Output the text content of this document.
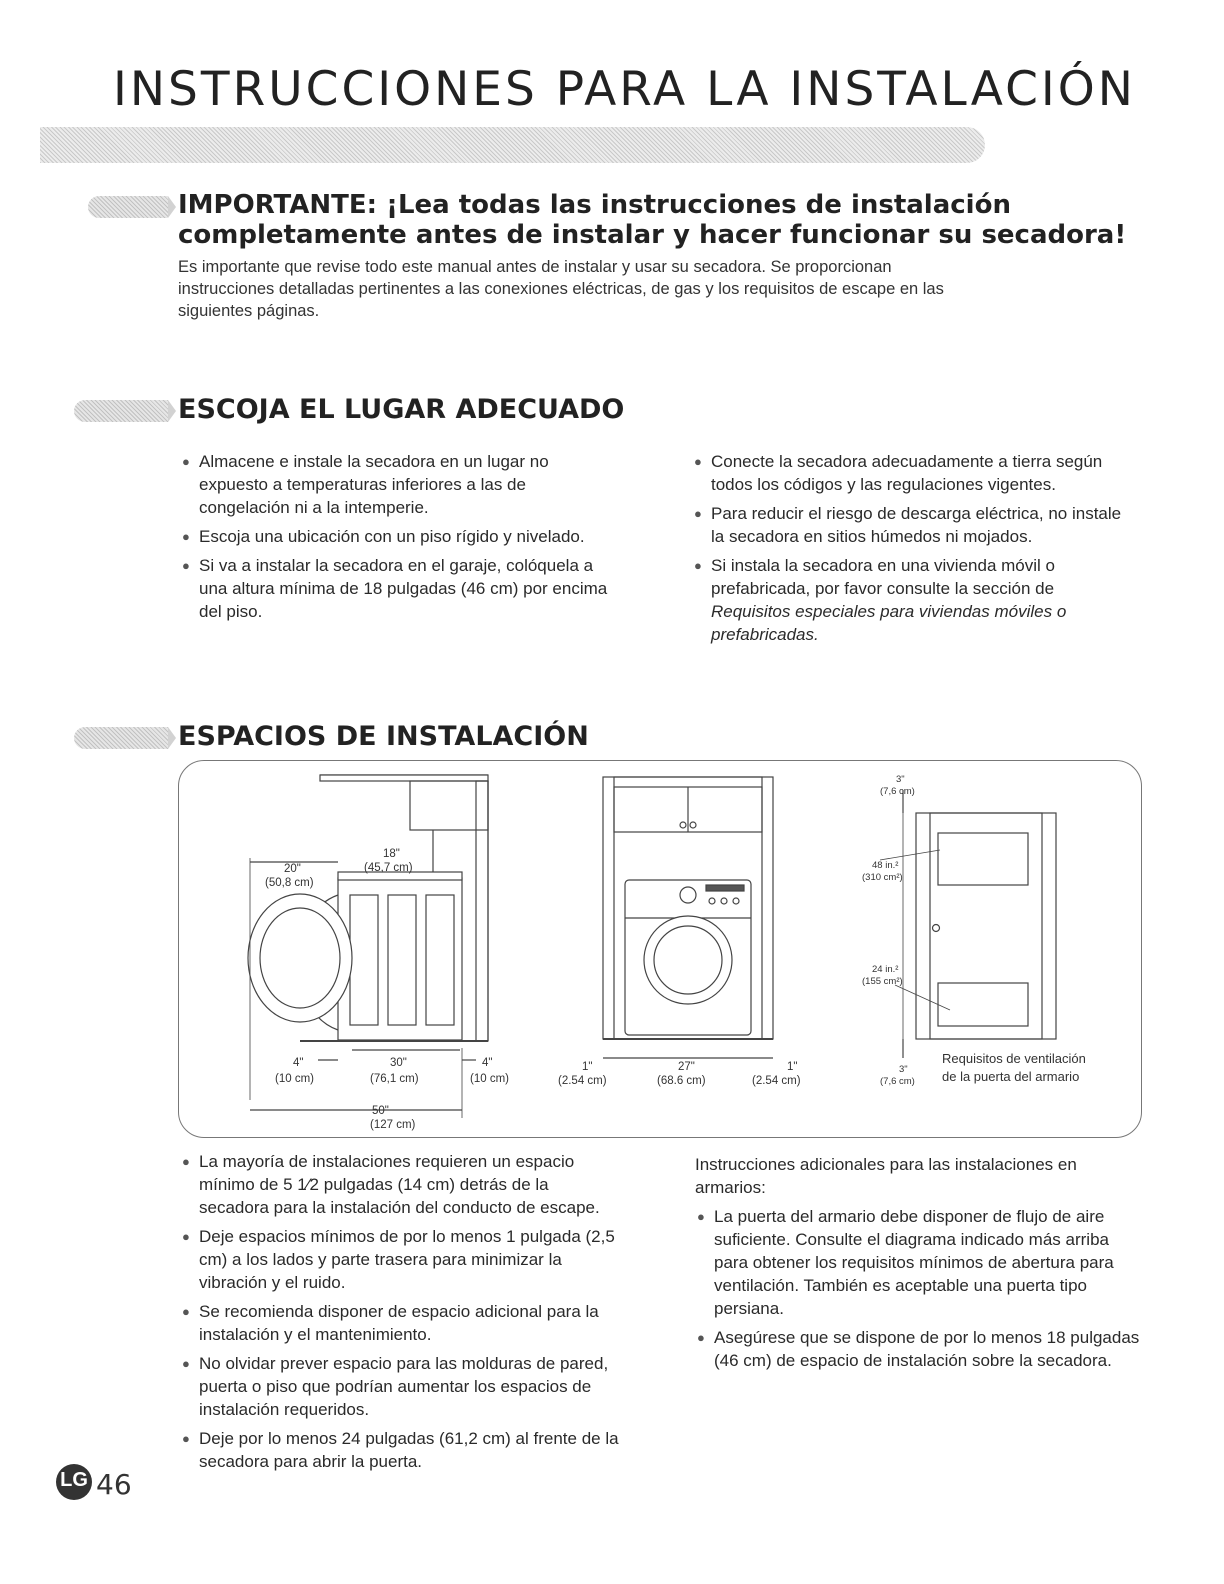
INSTRUCCIONES PARA LA INSTALACIÓN
IMPORTANTE: ¡Lea todas las instrucciones de instalación
completamente antes de instalar y hacer funcionar su secadora!
Es importante que revise todo este manual antes de instalar y usar su secadora. Se proporcionan
instrucciones detalladas pertinentes a las conexiones eléctricas, de gas y los requisitos de escape en las
siguientes páginas.
ESCOJA EL LUGAR ADECUADO
● Almacene e instale la secadora en un lugar no expuesto a temperaturas inferiores a las de congelación ni a la intemperie.
● Escoja una ubicación con un piso rígido y nivelado.
● Si va a instalar la secadora en el garaje, colóquela a una altura mínima de 18 pulgadas (46 cm) por encima del piso.
● Conecte la secadora adecuadamente a tierra según todos los códigos y las regulaciones vigentes.
● Para reducir el riesgo de descarga eléctrica, no instale la secadora en sitios húmedos ni mojados.
● Si instala la secadora en una vivienda móvil o prefabricada, por favor consulte la sección de Requisitos especiales para viviendas móviles o prefabricadas.
ESPACIOS DE INSTALACIÓN
18"
(45,7 cm)
20"
(50,8 cm)
4"
(10 cm)
30"
(76,1 cm)
4"
(10 cm)
50"
(127 cm)
1"
(2.54 cm)
27"
(68.6 cm)
1"
(2.54 cm)
3"
(7,6 cm)
48 in.²
(310 cm²)
24 in.²
(155 cm²)
3"
(7,6 cm)
Requisitos de ventilación
de la puerta del armario
● La mayoría de instalaciones requieren un espacio mínimo de 5 1⁄2 pulgadas (14 cm) detrás de la secadora para la instalación del conducto de escape.
● Deje espacios mínimos de por lo menos 1 pulgada (2,5 cm) a los lados y parte trasera para minimizar la vibración y el ruido.
● Se recomienda disponer de espacio adicional para la instalación y el mantenimiento.
● No olvidar prever espacio para las molduras de pared, puerta o piso que podrían aumentar los espacios de instalación requeridos.
● Deje por lo menos 24 pulgadas (61,2 cm) al frente de la secadora para abrir la puerta.
Instrucciones adicionales para las instalaciones en armarios:
● La puerta del armario debe disponer de flujo de aire suficiente. Consulte el diagrama indicado más arriba para obtener los requisitos mínimos de abertura para ventilación. También es aceptable una puerta tipo persiana.
● Asegúrese que se dispone de por lo menos 18 pulgadas (46 cm) de espacio de instalación sobre la secadora.
LG 46
